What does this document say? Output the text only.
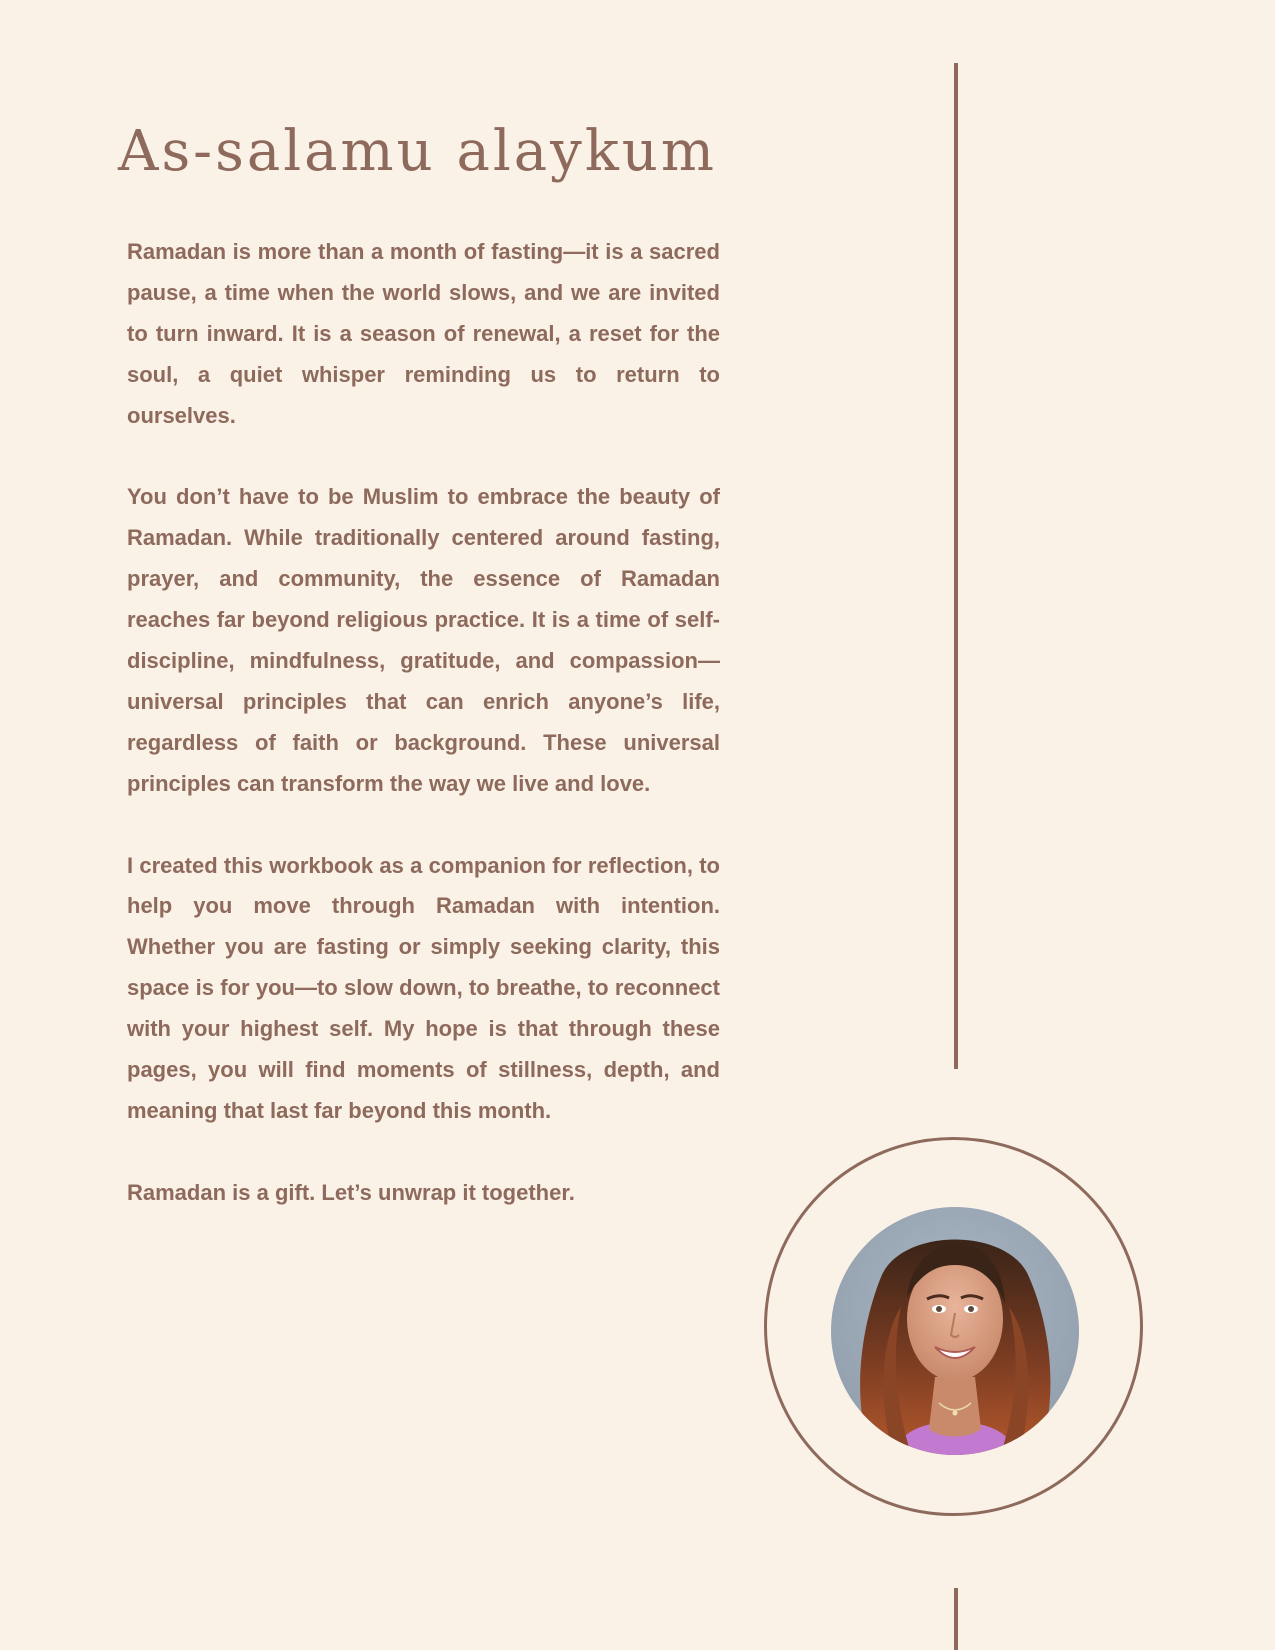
As-salamu alaykum

Ramadan is more than a month of fasting—it is a sacred pause, a time when the world slows, and we are invited to turn inward. It is a season of renewal, a reset for the soul, a quiet whisper reminding us to return to ourselves.

You don’t have to be Muslim to embrace the beauty of Ramadan. While traditionally centered around fasting, prayer, and community, the essence of Ramadan reaches far beyond religious practice. It is a time of self-discipline, mindfulness, gratitude, and compassion—universal principles that can enrich anyone’s life, regardless of faith or background. These universal principles can transform the way we live and love.

I created this workbook as a companion for reflection, to help you move through Ramadan with intention. Whether you are fasting or simply seeking clarity, this space is for you—to slow down, to breathe, to reconnect with your highest self. My hope is that through these pages, you will find moments of stillness, depth, and meaning that last far beyond this month.

Ramadan is a gift. Let’s unwrap it together.
